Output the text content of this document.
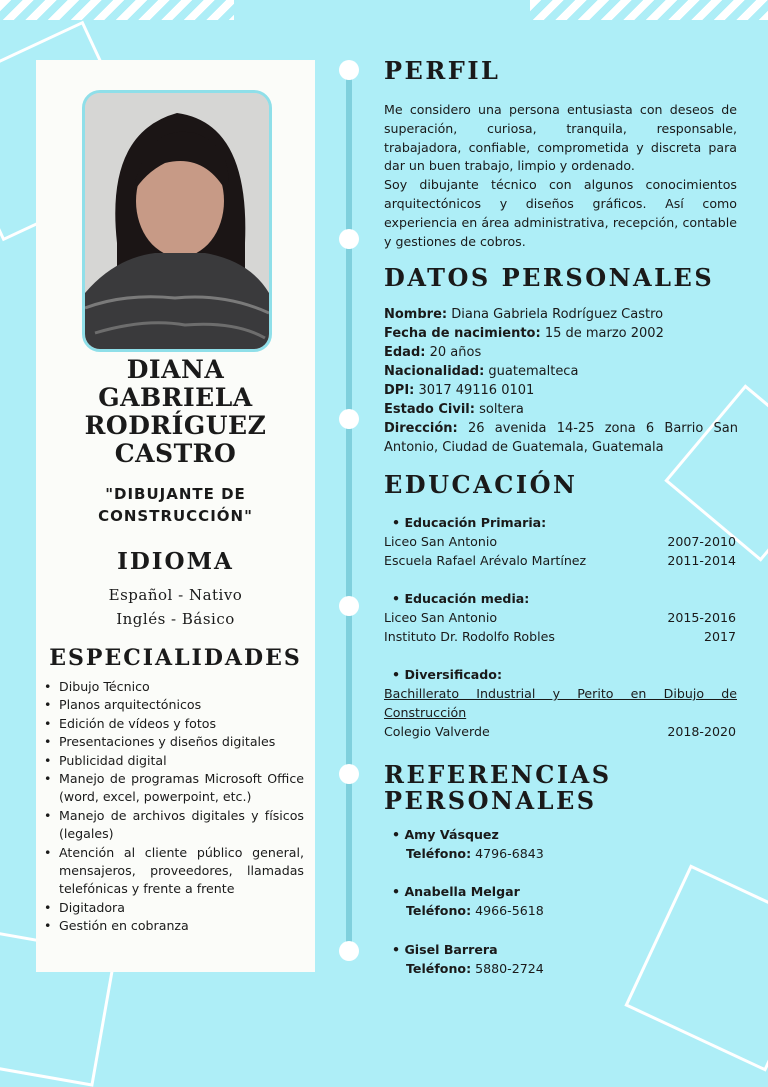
DIANA
GABRIELA
RODRÍGUEZ
CASTRO
"DIBUJANTE DE
CONSTRUCCIÓN"
IDIOMA
Español - Nativo
Inglés - Básico
ESPECIALIDADES
• Dibujo Técnico
• Planos arquitectónicos
• Edición de vídeos y fotos
• Presentaciones y diseños digitales
• Publicidad digital
• Manejo de programas Microsoft Office (word, excel, powerpoint, etc.)
• Manejo de archivos digitales y físicos (legales)
• Atención al cliente público general, mensajeros, proveedores, llamadas telefónicas y frente a frente
• Digitadora
• Gestión en cobranza
PERFIL
Me considero una persona entusiasta con deseos de superación, curiosa, tranquila, responsable, trabajadora, confiable, comprometida y discreta para dar un buen trabajo, limpio y ordenado.
Soy dibujante técnico con algunos conocimientos arquitectónicos y diseños gráficos. Así como experiencia en área administrativa, recepción, contable y gestiones de cobros.
DATOS PERSONALES
Nombre: Diana Gabriela Rodríguez Castro
Fecha de nacimiento: 15 de marzo 2002
Edad: 20 años
Nacionalidad: guatemalteca
DPI: 3017 49116 0101
Estado Civil: soltera
Dirección: 26 avenida 14-25 zona 6 Barrio San Antonio, Ciudad de Guatemala, Guatemala
EDUCACIÓN
• Educación Primaria:
Liceo San Antonio	2007-2010
Escuela Rafael Arévalo Martínez	2011-2014
• Educación media:
Liceo San Antonio	2015-2016
Instituto Dr. Rodolfo Robles	2017
• Diversificado:
Bachillerato Industrial y Perito en Dibujo de Construcción
Colegio Valverde	2018-2020
REFERENCIAS
PERSONALES
• Amy Vásquez
Teléfono: 4796-6843
• Anabella Melgar
Teléfono: 4966-5618
• Gisel Barrera
Teléfono: 5880-2724
